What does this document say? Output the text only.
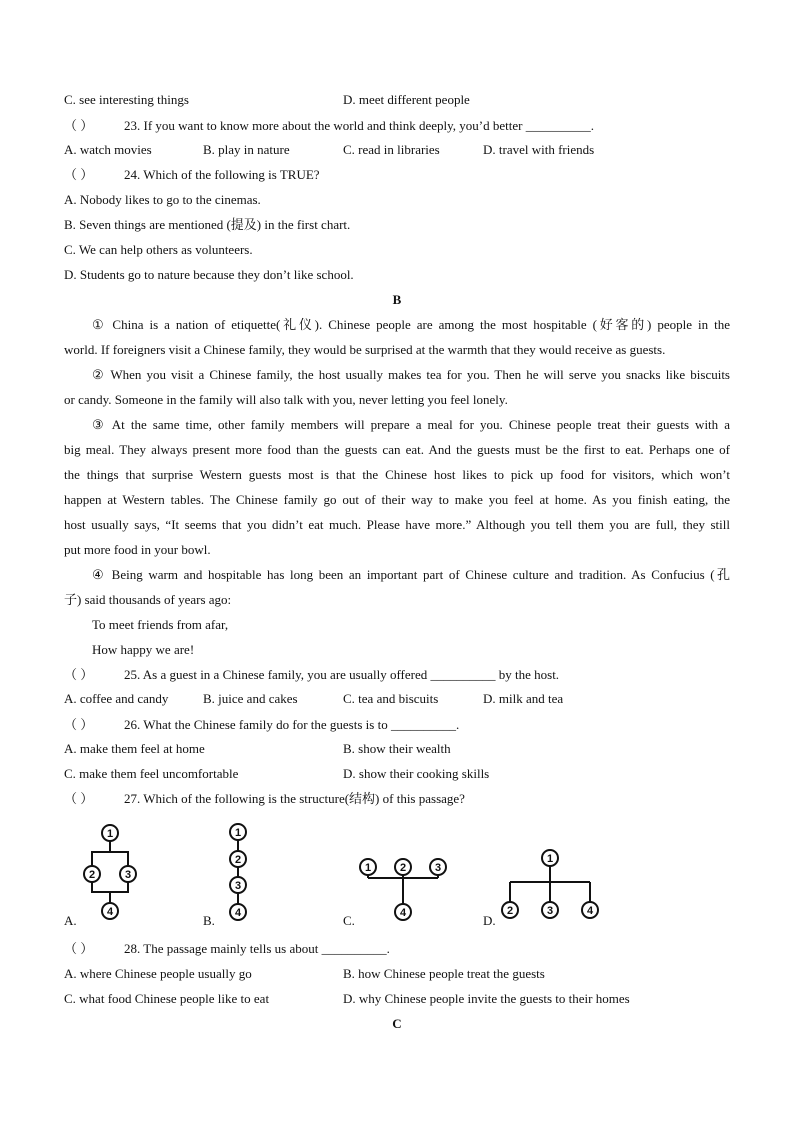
C. see interesting things	D. meet different people
（ ） 23. If you want to know more about the world and think deeply, you’d better __________.
A. watch movies	B. play in nature	C. read in libraries	D. travel with friends
（ ） 24. Which of the following is TRUE?
A. Nobody likes to go to the cinemas.
B. Seven things are mentioned (提及) in the first chart.
C. We can help others as volunteers.
D. Students go to nature because they don’t like school.
B
① China is a nation of etiquette(礼仪). Chinese people are among the most hospitable (好客的) people in the
world. If foreigners visit a Chinese family, they would be surprised at the warmth that they would receive as guests.
② When you visit a Chinese family, the host usually makes tea for you. Then he will serve you snacks like biscuits
or candy. Someone in the family will also talk with you, never letting you feel lonely.
③ At the same time, other family members will prepare a meal for you. Chinese people treat their guests with a
big meal. They always present more food than the guests can eat. And the guests must be the first to eat. Perhaps one of
the things that surprise Western guests most is that the Chinese host likes to pick up food for visitors, which won’t
happen at Western tables. The Chinese family go out of their way to make you feel at home. As you finish eating, the
host usually says, “It seems that you didn’t eat much. Please have more.” Although you tell them you are full, they still
put more food in your bowl.
④ Being warm and hospitable has long been an important part of Chinese culture and tradition. As Confucius (孔
子) said thousands of years ago:
To meet friends from afar,
How happy we are!
（ ） 25. As a guest in a Chinese family, you are usually offered __________ by the host.
A. coffee and candy	B. juice and cakes	C. tea and biscuits	D. milk and tea
（ ） 26. What the Chinese family do for the guests is to __________.
A. make them feel at home	B. show their wealth
C. make them feel uncomfortable	D. show their cooking skills
（ ） 27. Which of the following is the structure(结构) of this passage?
A.
1
2	3
4
B.
1
2
3
4	C.
1	2	3
4	D.
1
2	3	4
（ ） 28. The passage mainly tells us about __________.
A. where Chinese people usually go	B. how Chinese people treat the guests
C. what food Chinese people like to eat	D. why Chinese people invite the guests to their homes
C
